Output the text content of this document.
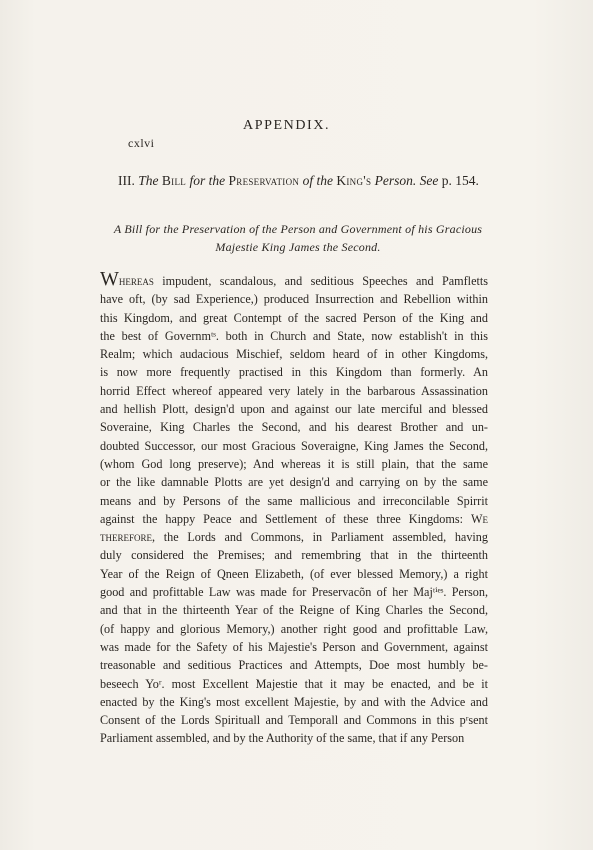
cxlvi
APPENDIX.
III. The Bill for the Preservation of the King's Person. See p. 154.
A Bill for the Preservation of the Person and Government of his Gracious
Majestie King James the Second.
Whereas impudent, scandalous, and seditious Speeches and Pamfletts
have oft, (by sad Experience,) produced Insurrection and Rebellion within
this Kingdom, and great Contempt of the sacred Person of the King and
the best of Governmᵗˢ. both in Church and State, now establish't in this
Realm; which audacious Mischief, seldom heard of in other Kingdoms,
is now more frequently practised in this Kingdom than formerly. An
horrid Effect whereof appeared very lately in the barbarous Assassination
and hellish Plott, design'd upon and against our late merciful and blessed
Soveraine, King Charles the Second, and his dearest Brother and un-
doubted Successor, our most Gracious Soveraigne, King James the Second,
(whom God long preserve); And whereas it is still plain, that the same
or the like damnable Plotts are yet design'd and carrying on by the same
means and by Persons of the same mallicious and irreconcilable Spirrit
against the happy Peace and Settlement of these three Kingdoms: We
therefore, the Lords and Commons, in Parliament assembled, having
duly considered the Premises; and remembring that in the thirteenth
Year of the Reign of Qneen Elizabeth, (of ever blessed Memory,) a right
good and profittable Law was made for Preservacõn of her Majᵗⁱᵉˢ. Person,
and that in the thirteenth Year of the Reigne of King Charles the Second,
(of happy and glorious Memory,) another right good and profittable Law,
was made for the Safety of his Majestie's Person and Government, against
treasonable and seditious Practices and Attempts, Doe most humbly be-
beseech Yoʳ. most Excellent Majestie that it may be enacted, and be it
enacted by the King's most excellent Majestie, by and with the Advice and
Consent of the Lords Spirituall and Temporall and Commons in this pʳsent
Parliament assembled, and by the Authority of the same, that if any Person
